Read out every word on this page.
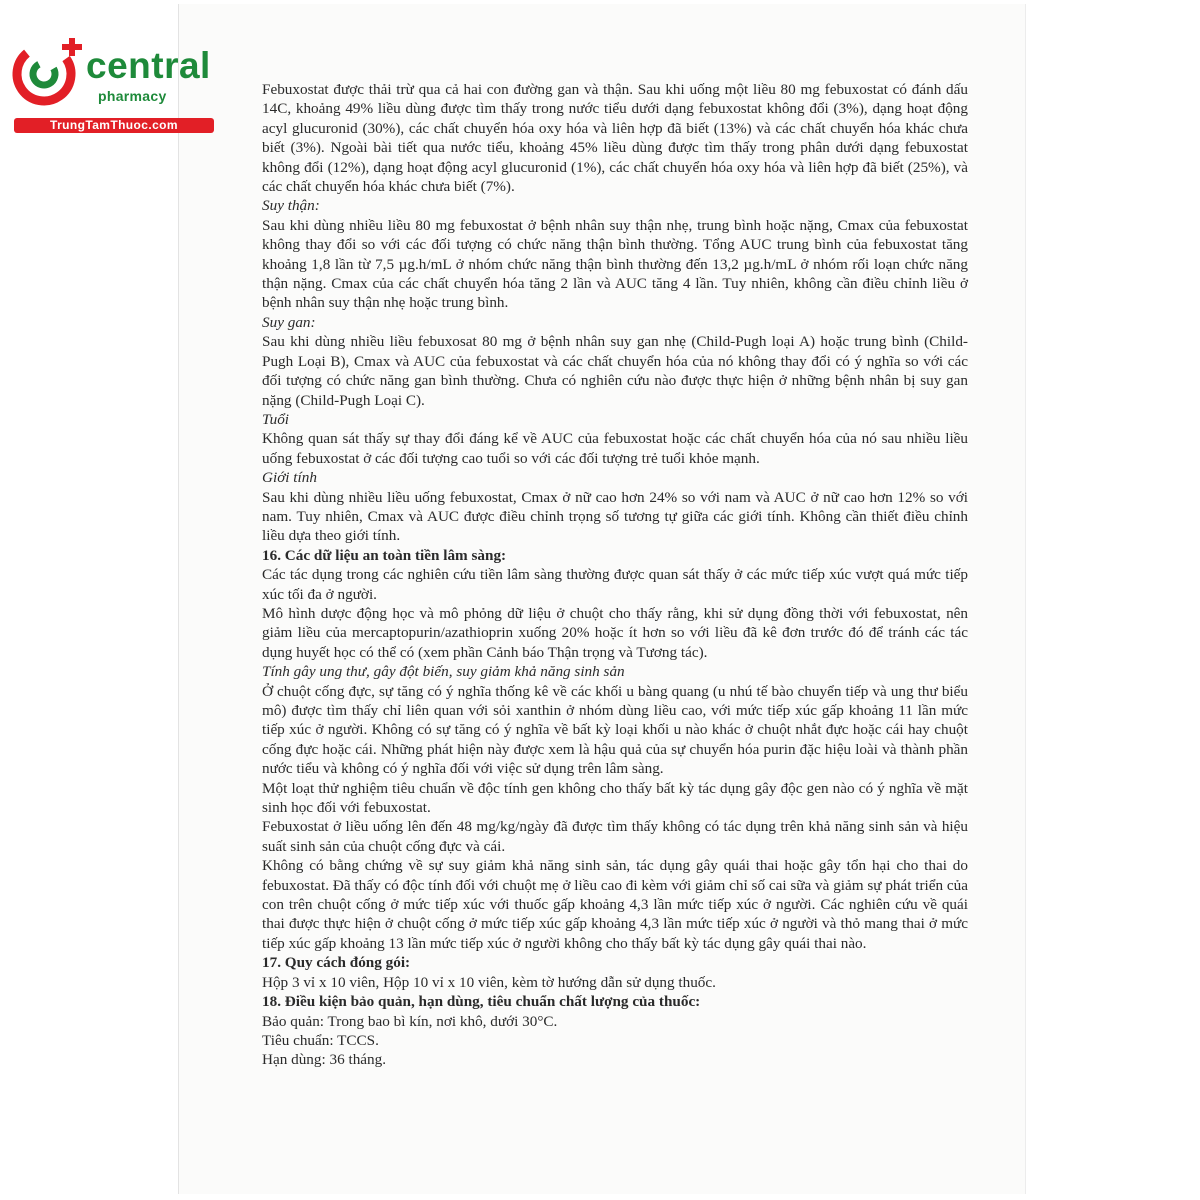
central
pharmacy
TrungTamThuoc.com

Febuxostat được thải trừ qua cả hai con đường gan và thận. Sau khi uống một liều 80 mg febuxostat có đánh dấu 14C, khoảng 49% liều dùng được tìm thấy trong nước tiểu dưới dạng febuxostat không đổi (3%), dạng hoạt động acyl glucuronid (30%), các chất chuyển hóa oxy hóa và liên hợp đã biết (13%) và các chất chuyển hóa khác chưa biết (3%). Ngoài bài tiết qua nước tiểu, khoảng 45% liều dùng được tìm thấy trong phân dưới dạng febuxostat không đổi (12%), dạng hoạt động acyl glucuronid (1%), các chất chuyển hóa oxy hóa và liên hợp đã biết (25%), và các chất chuyển hóa khác chưa biết (7%).

Suy thận:

Sau khi dùng nhiều liều 80 mg febuxostat ở bệnh nhân suy thận nhẹ, trung bình hoặc nặng, Cmax của febuxostat không thay đổi so với các đối tượng có chức năng thận bình thường. Tổng AUC trung bình của febuxostat tăng khoảng 1,8 lần từ 7,5 µg.h/mL ở nhóm chức năng thận bình thường đến 13,2 µg.h/mL ở nhóm rối loạn chức năng thận nặng. Cmax của các chất chuyển hóa tăng 2 lần và AUC tăng 4 lần. Tuy nhiên, không cần điều chỉnh liều ở bệnh nhân suy thận nhẹ hoặc trung bình.

Suy gan:

Sau khi dùng nhiều liều febuxosat 80 mg ở bệnh nhân suy gan nhẹ (Child-Pugh loại A) hoặc trung bình (Child-Pugh Loại B), Cmax và AUC của febuxostat và các chất chuyển hóa của nó không thay đổi có ý nghĩa so với các đối tượng có chức năng gan bình thường. Chưa có nghiên cứu nào được thực hiện ở những bệnh nhân bị suy gan nặng (Child-Pugh Loại C).

Tuổi

Không quan sát thấy sự thay đổi đáng kể về AUC của febuxostat hoặc các chất chuyển hóa của nó sau nhiều liều uống febuxostat ở các đối tượng cao tuổi so với các đối tượng trẻ tuổi khỏe mạnh.

Giới tính

Sau khi dùng nhiều liều uống febuxostat, Cmax ở nữ cao hơn 24% so với nam và AUC ở nữ cao hơn 12% so với nam. Tuy nhiên, Cmax và AUC được điều chỉnh trọng số tương tự giữa các giới tính. Không cần thiết điều chỉnh liều dựa theo giới tính.

16. Các dữ liệu an toàn tiền lâm sàng:

Các tác dụng trong các nghiên cứu tiền lâm sàng thường được quan sát thấy ở các mức tiếp xúc vượt quá mức tiếp xúc tối đa ở người.

Mô hình dược động học và mô phỏng dữ liệu ở chuột cho thấy rằng, khi sử dụng đồng thời với febuxostat, nên giảm liều của mercaptopurin/azathioprin xuống 20% hoặc ít hơn so với liều đã kê đơn trước đó để tránh các tác dụng huyết học có thể có (xem phần Cảnh báo Thận trọng và Tương tác).

Tính gây ung thư, gây đột biến, suy giảm khả năng sinh sản

Ở chuột cống đực, sự tăng có ý nghĩa thống kê về các khối u bàng quang (u nhú tế bào chuyển tiếp và ung thư biểu mô) được tìm thấy chỉ liên quan với sỏi xanthin ở nhóm dùng liều cao, với mức tiếp xúc gấp khoảng 11 lần mức tiếp xúc ở người. Không có sự tăng có ý nghĩa về bất kỳ loại khối u nào khác ở chuột nhắt đực hoặc cái hay chuột cống đực hoặc cái. Những phát hiện này được xem là hậu quả của sự chuyển hóa purin đặc hiệu loài và thành phần nước tiểu và không có ý nghĩa đối với việc sử dụng trên lâm sàng.

Một loạt thử nghiệm tiêu chuẩn về độc tính gen không cho thấy bất kỳ tác dụng gây độc gen nào có ý nghĩa về mặt sinh học đối với febuxostat.

Febuxostat ở liều uống lên đến 48 mg/kg/ngày đã được tìm thấy không có tác dụng trên khả năng sinh sản và hiệu suất sinh sản của chuột cống đực và cái.

Không có bằng chứng về sự suy giảm khả năng sinh sản, tác dụng gây quái thai hoặc gây tổn hại cho thai do febuxostat. Đã thấy có độc tính đối với chuột mẹ ở liều cao đi kèm với giảm chỉ số cai sữa và giảm sự phát triển của con trên chuột cống ở mức tiếp xúc với thuốc gấp khoảng 4,3 lần mức tiếp xúc ở người. Các nghiên cứu về quái thai được thực hiện ở chuột cống ở mức tiếp xúc gấp khoảng 4,3 lần mức tiếp xúc ở người và thỏ mang thai ở mức tiếp xúc gấp khoảng 13 lần mức tiếp xúc ở người không cho thấy bất kỳ tác dụng gây quái thai nào.

17. Quy cách đóng gói:

Hộp 3 vỉ x 10 viên, Hộp 10 vỉ x 10 viên, kèm tờ hướng dẫn sử dụng thuốc.

18. Điều kiện bảo quản, hạn dùng, tiêu chuẩn chất lượng của thuốc:

Bảo quản: Trong bao bì kín, nơi khô, dưới 30°C.

Tiêu chuẩn: TCCS.

Hạn dùng: 36 tháng.
